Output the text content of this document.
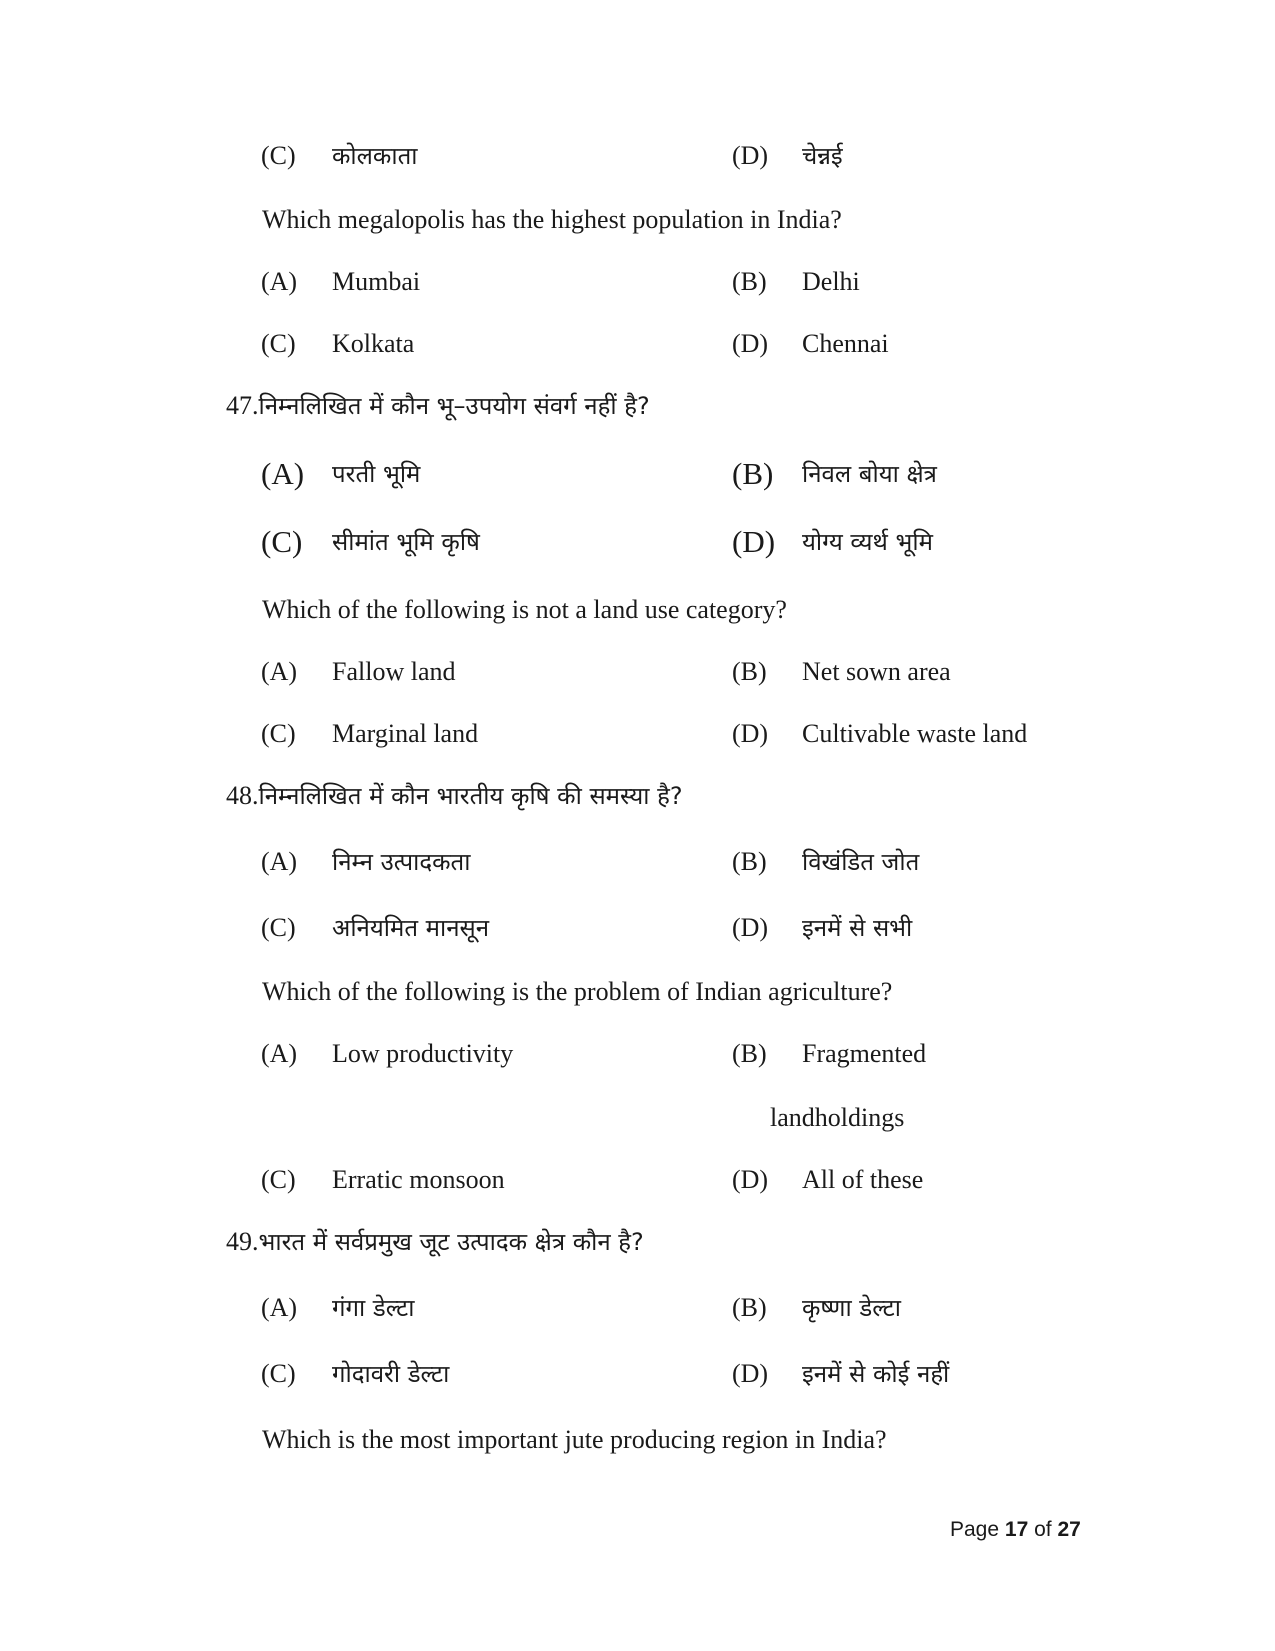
(C) कोलकाता	(D) चेन्नई
Which megalopolis has the highest population in India?
(A) Mumbai	(B) Delhi
(C) Kolkata	(D) Chennai
47.निम्नलिखित में कौन भू–उपयोग संवर्ग नहीं है?
(A) परती भूमि	(B) निवल बोया क्षेत्र
(C) सीमांत भूमि कृषि	(D) योग्य व्यर्थ भूमि
Which of the following is not a land use category?
(A) Fallow land	(B) Net sown area
(C) Marginal land	(D) Cultivable waste land
48.निम्नलिखित में कौन भारतीय कृषि की समस्या है?
(A) निम्न उत्पादकता	(B) विखंडित जोत
(C) अनियमित मानसून	(D) इनमें से सभी
Which of the following is the problem of Indian agriculture?
(A) Low productivity	(B) Fragmented
landholdings
(C) Erratic monsoon	(D) All of these
49.भारत में सर्वप्रमुख जूट उत्पादक क्षेत्र कौन है?
(A) गंगा डेल्टा	(B) कृष्णा डेल्टा
(C) गोदावरी डेल्टा	(D) इनमें से कोई नहीं
Which is the most important jute producing region in India?
Page 17 of 27
